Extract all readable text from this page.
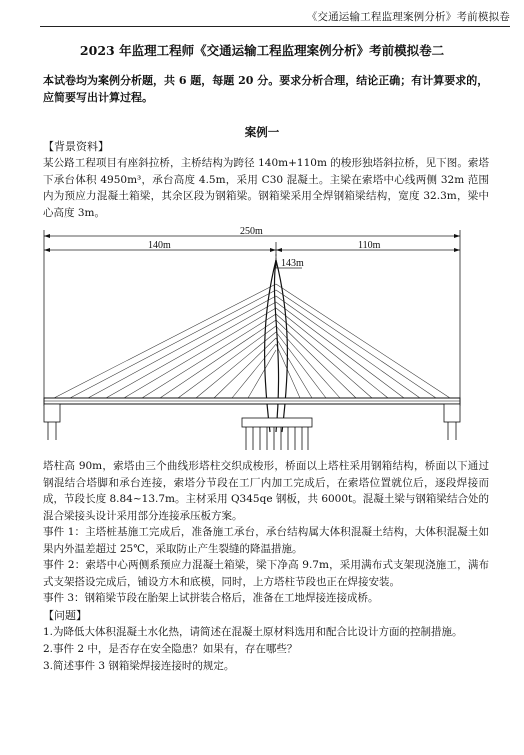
《交通运输工程监理案例分析》考前模拟卷
2023 年监理工程师《交通运输工程监理案例分析》考前模拟卷二
本试卷均为案例分析题，共 6 题，每题 20 分。要求分析合理，结论正确；有计算要求的，应简要写出计算过程。
案例一
【背景资料】
某公路工程项目有座斜拉桥，主桥结构为跨径 140m+110m 的梭形独塔斜拉桥，见下图。索塔下承台体积 4950m³，承台高度 4.5m，采用 C30 混凝土。主梁在索塔中心线两侧 32m 范围内为预应力混凝土箱梁，其余区段为钢箱梁。钢箱梁采用全焊钢箱梁结构，宽度 32.3m，梁中心高度 3m。
250m
140m	110m
143m
塔柱高 90m，索塔由三个曲线形塔柱交织成梭形，桥面以上塔柱采用钢箱结构，桥面以下通过钢混结合塔脚和承台连接，索塔分节段在工厂内加工完成后，在索塔位置就位后，逐段焊接而成，节段长度 8.84~13.7m。主材采用 Q345qe 钢板，共 6000t。混凝土梁与钢箱梁结合处的混合梁接头设计采用部分连接承压板方案。
事件 1：主塔桩基施工完成后，准备施工承台，承台结构属大体积混凝土结构，大体积混凝土如果内外温差超过 25℃，采取防止产生裂缝的降温措施。
事件 2：索塔中心两侧系预应力混凝土箱梁，梁下净高 9.7m，采用满布式支架现浇施工，满布式支架搭设完成后，铺设方木和底模，同时，上方塔柱节段也正在焊接安装。
事件 3：钢箱梁节段在胎架上试拼装合格后，准备在工地焊接连接成桥。
【问题】
1.为降低大体积混凝土水化热，请简述在混凝土原材料选用和配合比设计方面的控制措施。
2.事件 2 中，是否存在安全隐患？如果有，存在哪些？
3.简述事件 3 钢箱梁焊接连接时的规定。
